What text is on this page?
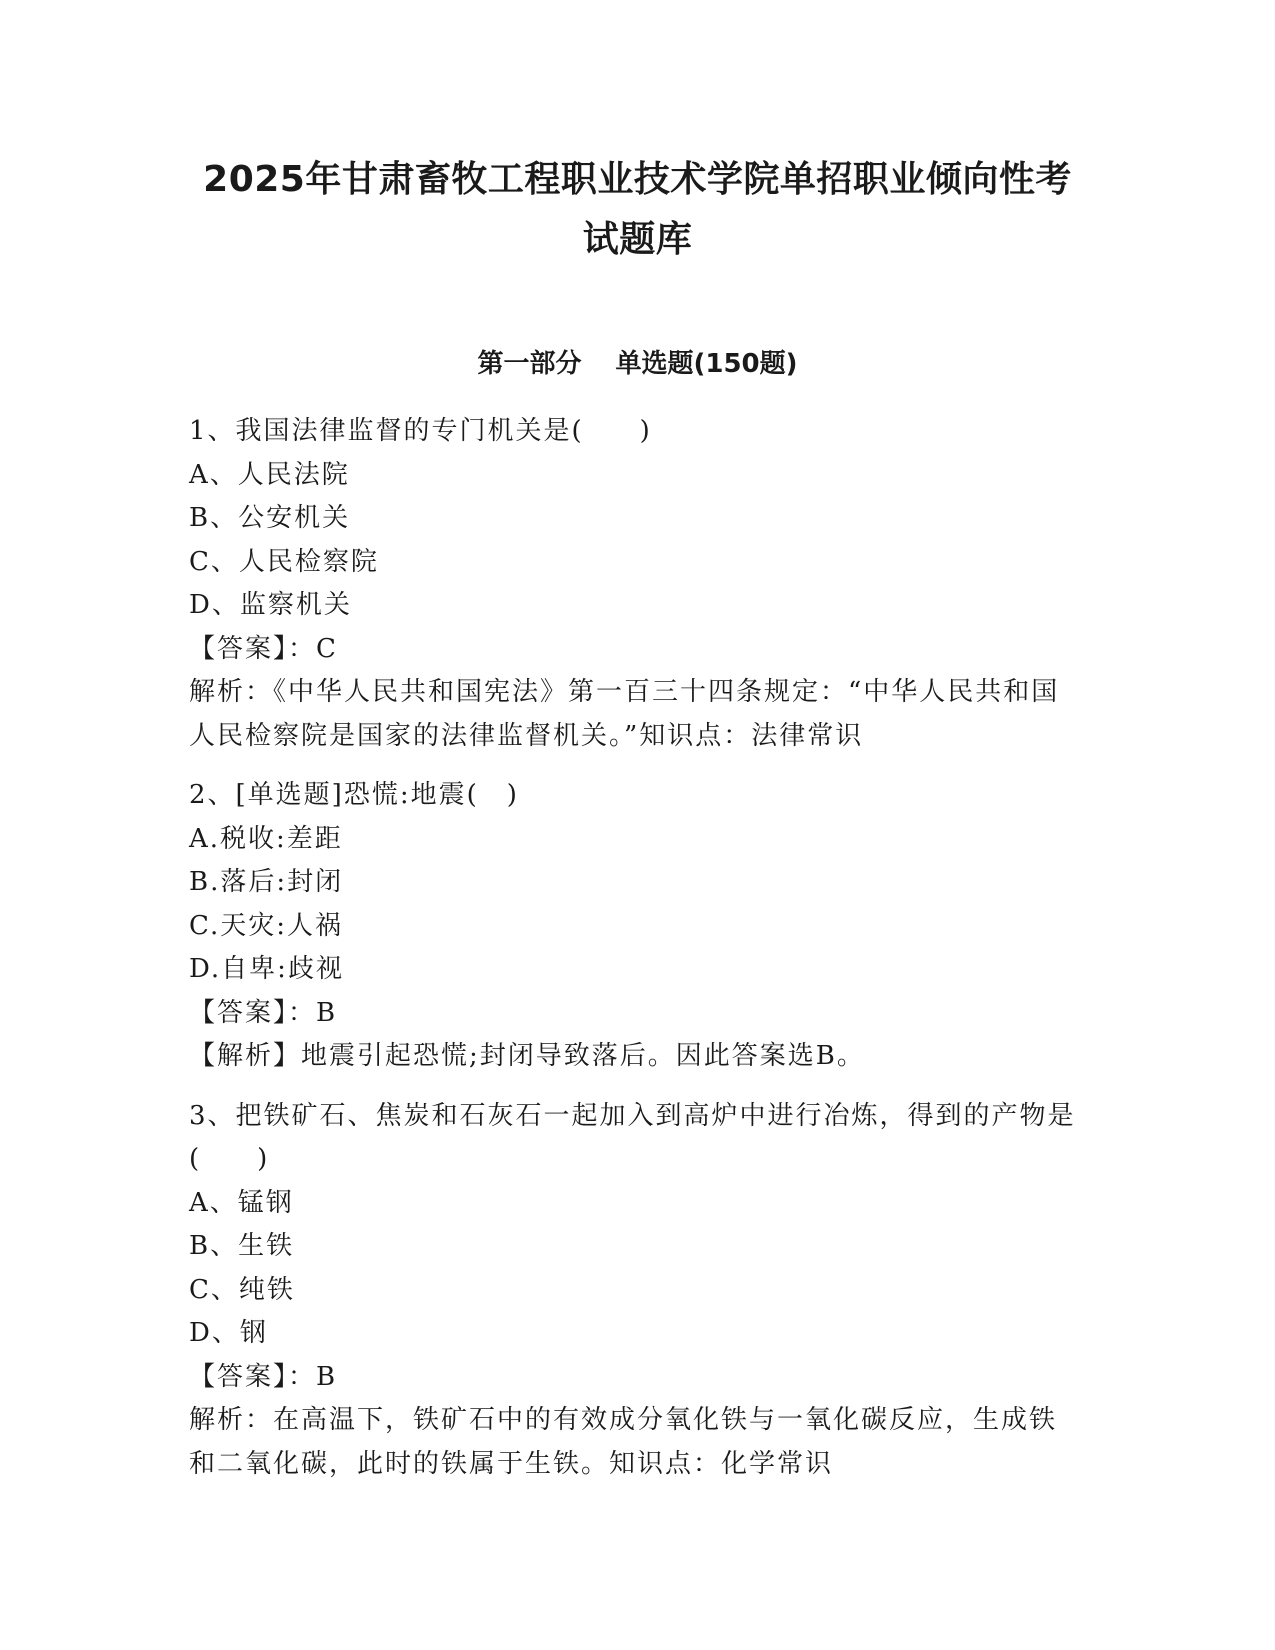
2025年甘肃畜牧工程职业技术学院单招职业倾向性考
试题库
第一部分 单选题(150题)
1、我国法律监督的专门机关是(　　)
A、人民法院
B、公安机关
C、人民检察院
D、监察机关
【答案】：C
解析：《中华人民共和国宪法》第一百三十四条规定：“中华人民共和国人民检察院是国家的法律监督机关。”知识点：法律常识
2、[单选题]恐慌:地震(　)
A.税收:差距
B.落后:封闭
C.天灾:人祸
D.自卑:歧视
【答案】：B
【解析】地震引起恐慌;封闭导致落后。因此答案选B。
3、把铁矿石、焦炭和石灰石一起加入到高炉中进行冶炼，得到的产物是(　　)
A、锰钢
B、生铁
C、纯铁
D、钢
【答案】：B
解析：在高温下，铁矿石中的有效成分氧化铁与一氧化碳反应，生成铁和二氧化碳，此时的铁属于生铁。知识点：化学常识
